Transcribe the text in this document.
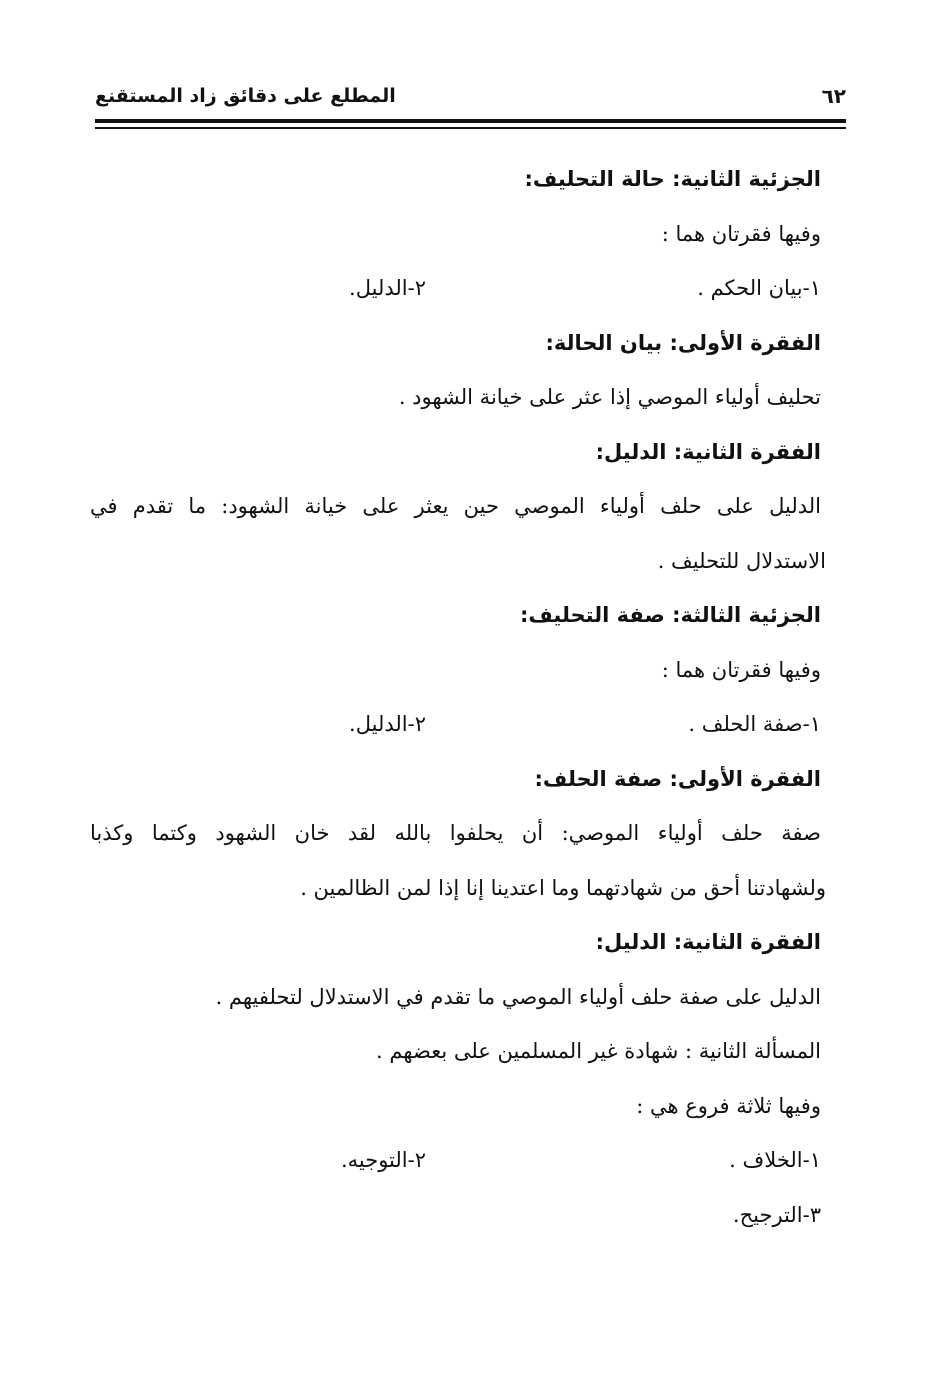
٦٢
المطلع على دقائق زاد المستقنع
الجزئية الثانية: حالة التحليف:
وفيها فقرتان هما :
١-بيان الحكم .
٢-الدليل.
الفقرة الأولى: بيان الحالة:
تحليف أولياء الموصي إذا عثر على خيانة الشهود .
الفقرة الثانية: الدليل:
الدليل على حلف أولياء الموصي حين يعثر على خيانة الشهود: ما تقدم في
الاستدلال للتحليف .
الجزئية الثالثة: صفة التحليف:
وفيها فقرتان هما :
١-صفة الحلف .
٢-الدليل.
الفقرة الأولى: صفة الحلف:
صفة حلف أولياء الموصي: أن يحلفوا بالله لقد خان الشهود وكتما وكذبا
ولشهادتنا أحق من شهادتهما وما اعتدينا إنا إذا لمن الظالمين .
الفقرة الثانية: الدليل:
الدليل على صفة حلف أولياء الموصي ما تقدم في الاستدلال لتحلفيهم .
المسألة الثانية : شهادة غير المسلمين على بعضهم .
وفيها ثلاثة فروع هي :
١-الخلاف .
٢-التوجيه.
٣-الترجيح.
